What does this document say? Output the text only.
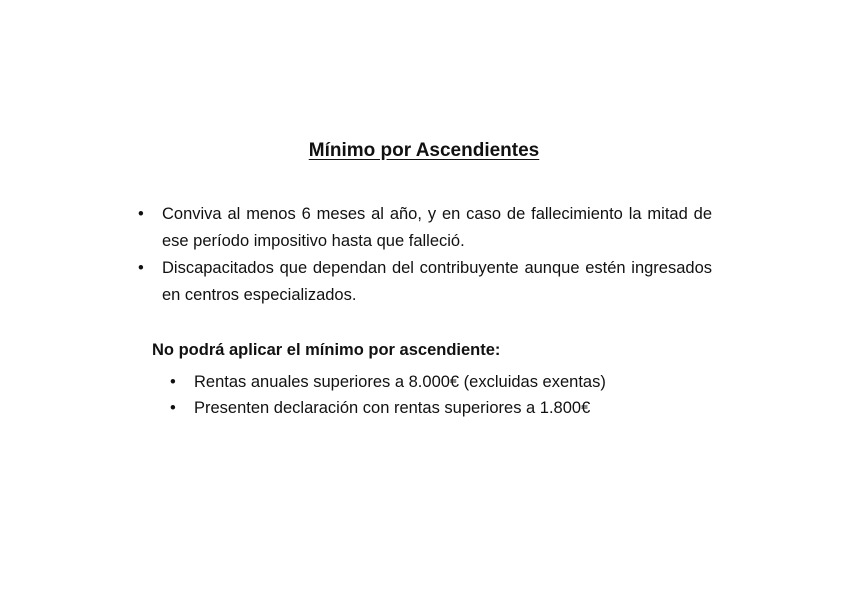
Mínimo por Ascendientes
• Conviva al menos 6 meses al año, y en caso de fallecimiento la mitad de ese período impositivo hasta que falleció.
• Discapacitados que dependan del contribuyente aunque estén ingresados en centros especializados.

No podrá aplicar el mínimo por ascendiente:

• Rentas anuales superiores a 8.000€ (excluidas exentas)
• Presenten declaración con rentas superiores a 1.800€
